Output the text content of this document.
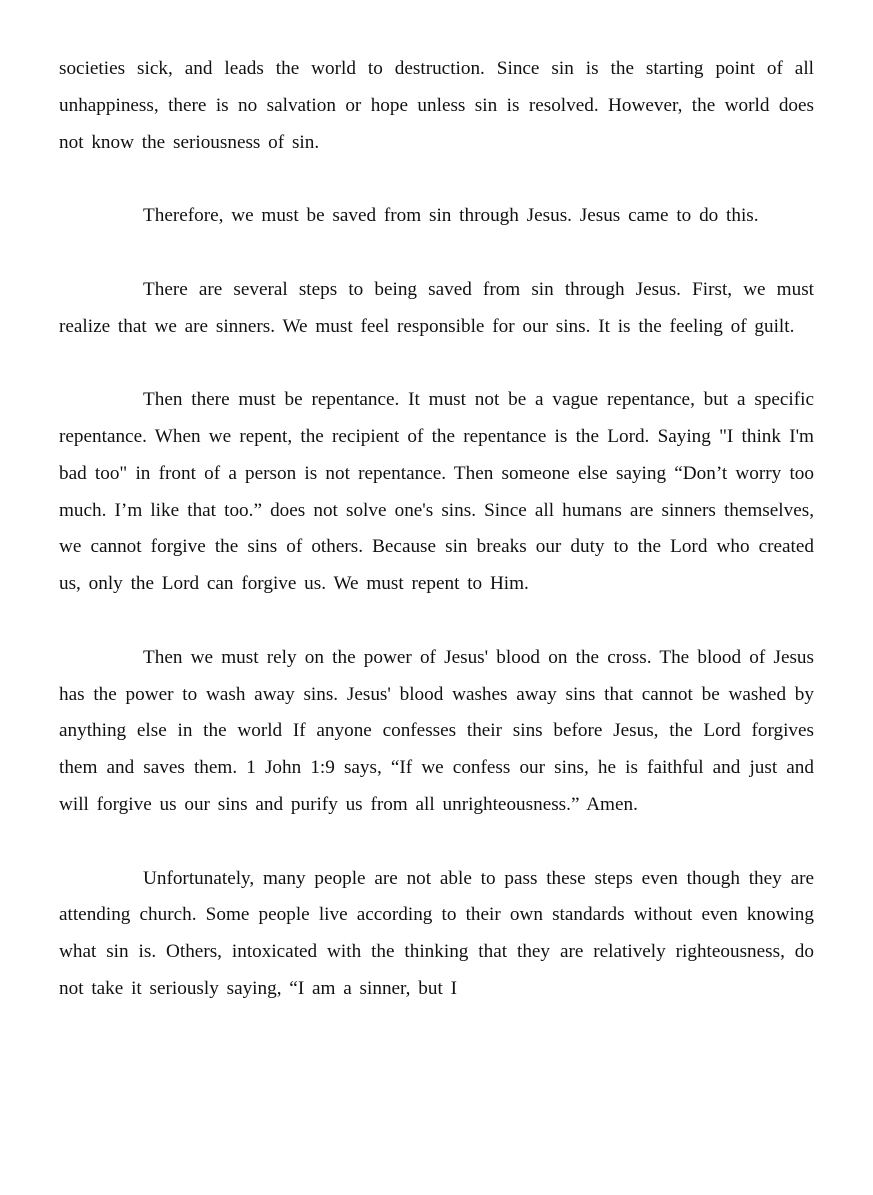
societies sick, and leads the world to destruction. Since sin is the starting point of all unhappiness, there is no salvation or hope unless sin is resolved. However, the world does not know the seriousness of sin.

Therefore, we must be saved from sin through Jesus. Jesus came to do this.

There are several steps to being saved from sin through Jesus. First, we must realize that we are sinners. We must feel responsible for our sins. It is the feeling of guilt.

Then there must be repentance. It must not be a vague repentance, but a specific repentance. When we repent, the recipient of the repentance is the Lord. Saying "I think I'm bad too" in front of a person is not repentance. Then someone else saying “Don’t worry too much. I’m like that too.” does not solve one's sins. Since all humans are sinners themselves, we cannot forgive the sins of others. Because sin breaks our duty to the Lord who created us, only the Lord can forgive us. We must repent to Him.

Then we must rely on the power of Jesus' blood on the cross. The blood of Jesus has the power to wash away sins. Jesus' blood washes away sins that cannot be washed by anything else in the world If anyone confesses their sins before Jesus, the Lord forgives them and saves them. 1 John 1:9 says, “If we confess our sins, he is faithful and just and will forgive us our sins and purify us from all unrighteousness.” Amen.

Unfortunately, many people are not able to pass these steps even though they are attending church. Some people live according to their own standards without even knowing what sin is. Others, intoxicated with the thinking that they are relatively righteousness, do not take it seriously saying, “I am a sinner, but I
